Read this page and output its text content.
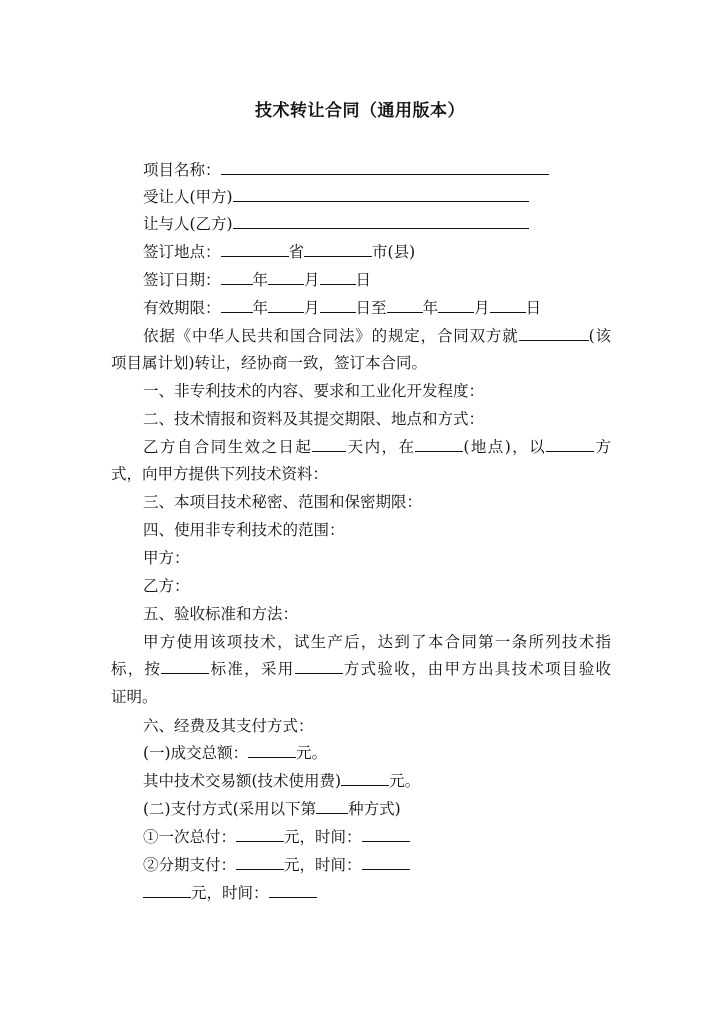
技术转让合同（通用版本）
项目名称：
受让人(甲方)
让与人(乙方)
签订地点：	省	市(县)
签订日期： 年 月 日
有效期限： 年 月 日至 年 月 日
依据《中华人民共和国合同法》的规定，合同双方就	(该
项目属计划)转让，经协商一致，签订本合同。
一、非专利技术的内容、要求和工业化开发程度：
二、技术情报和资料及其提交期限、地点和方式：
乙方自合同生效之日起 天内，在	(地点)，以	方
式，向甲方提供下列技术资料：
三、本项目技术秘密、范围和保密期限：
四、使用非专利技术的范围：
甲方：
乙方：
五、验收标准和方法：
甲方使用该项技术，试生产后，达到了本合同第一条所列技术指
标，按	标准，采用	方式验收，由甲方出具技术项目验收
证明。
六、经费及其支付方式：
(一)成交总额：	元。
其中技术交易额(技术使用费)	元。
(二)支付方式(采用以下第 种方式)
①一次总付：	元，时间：
②分期支付：	元，时间：
元，时间：
